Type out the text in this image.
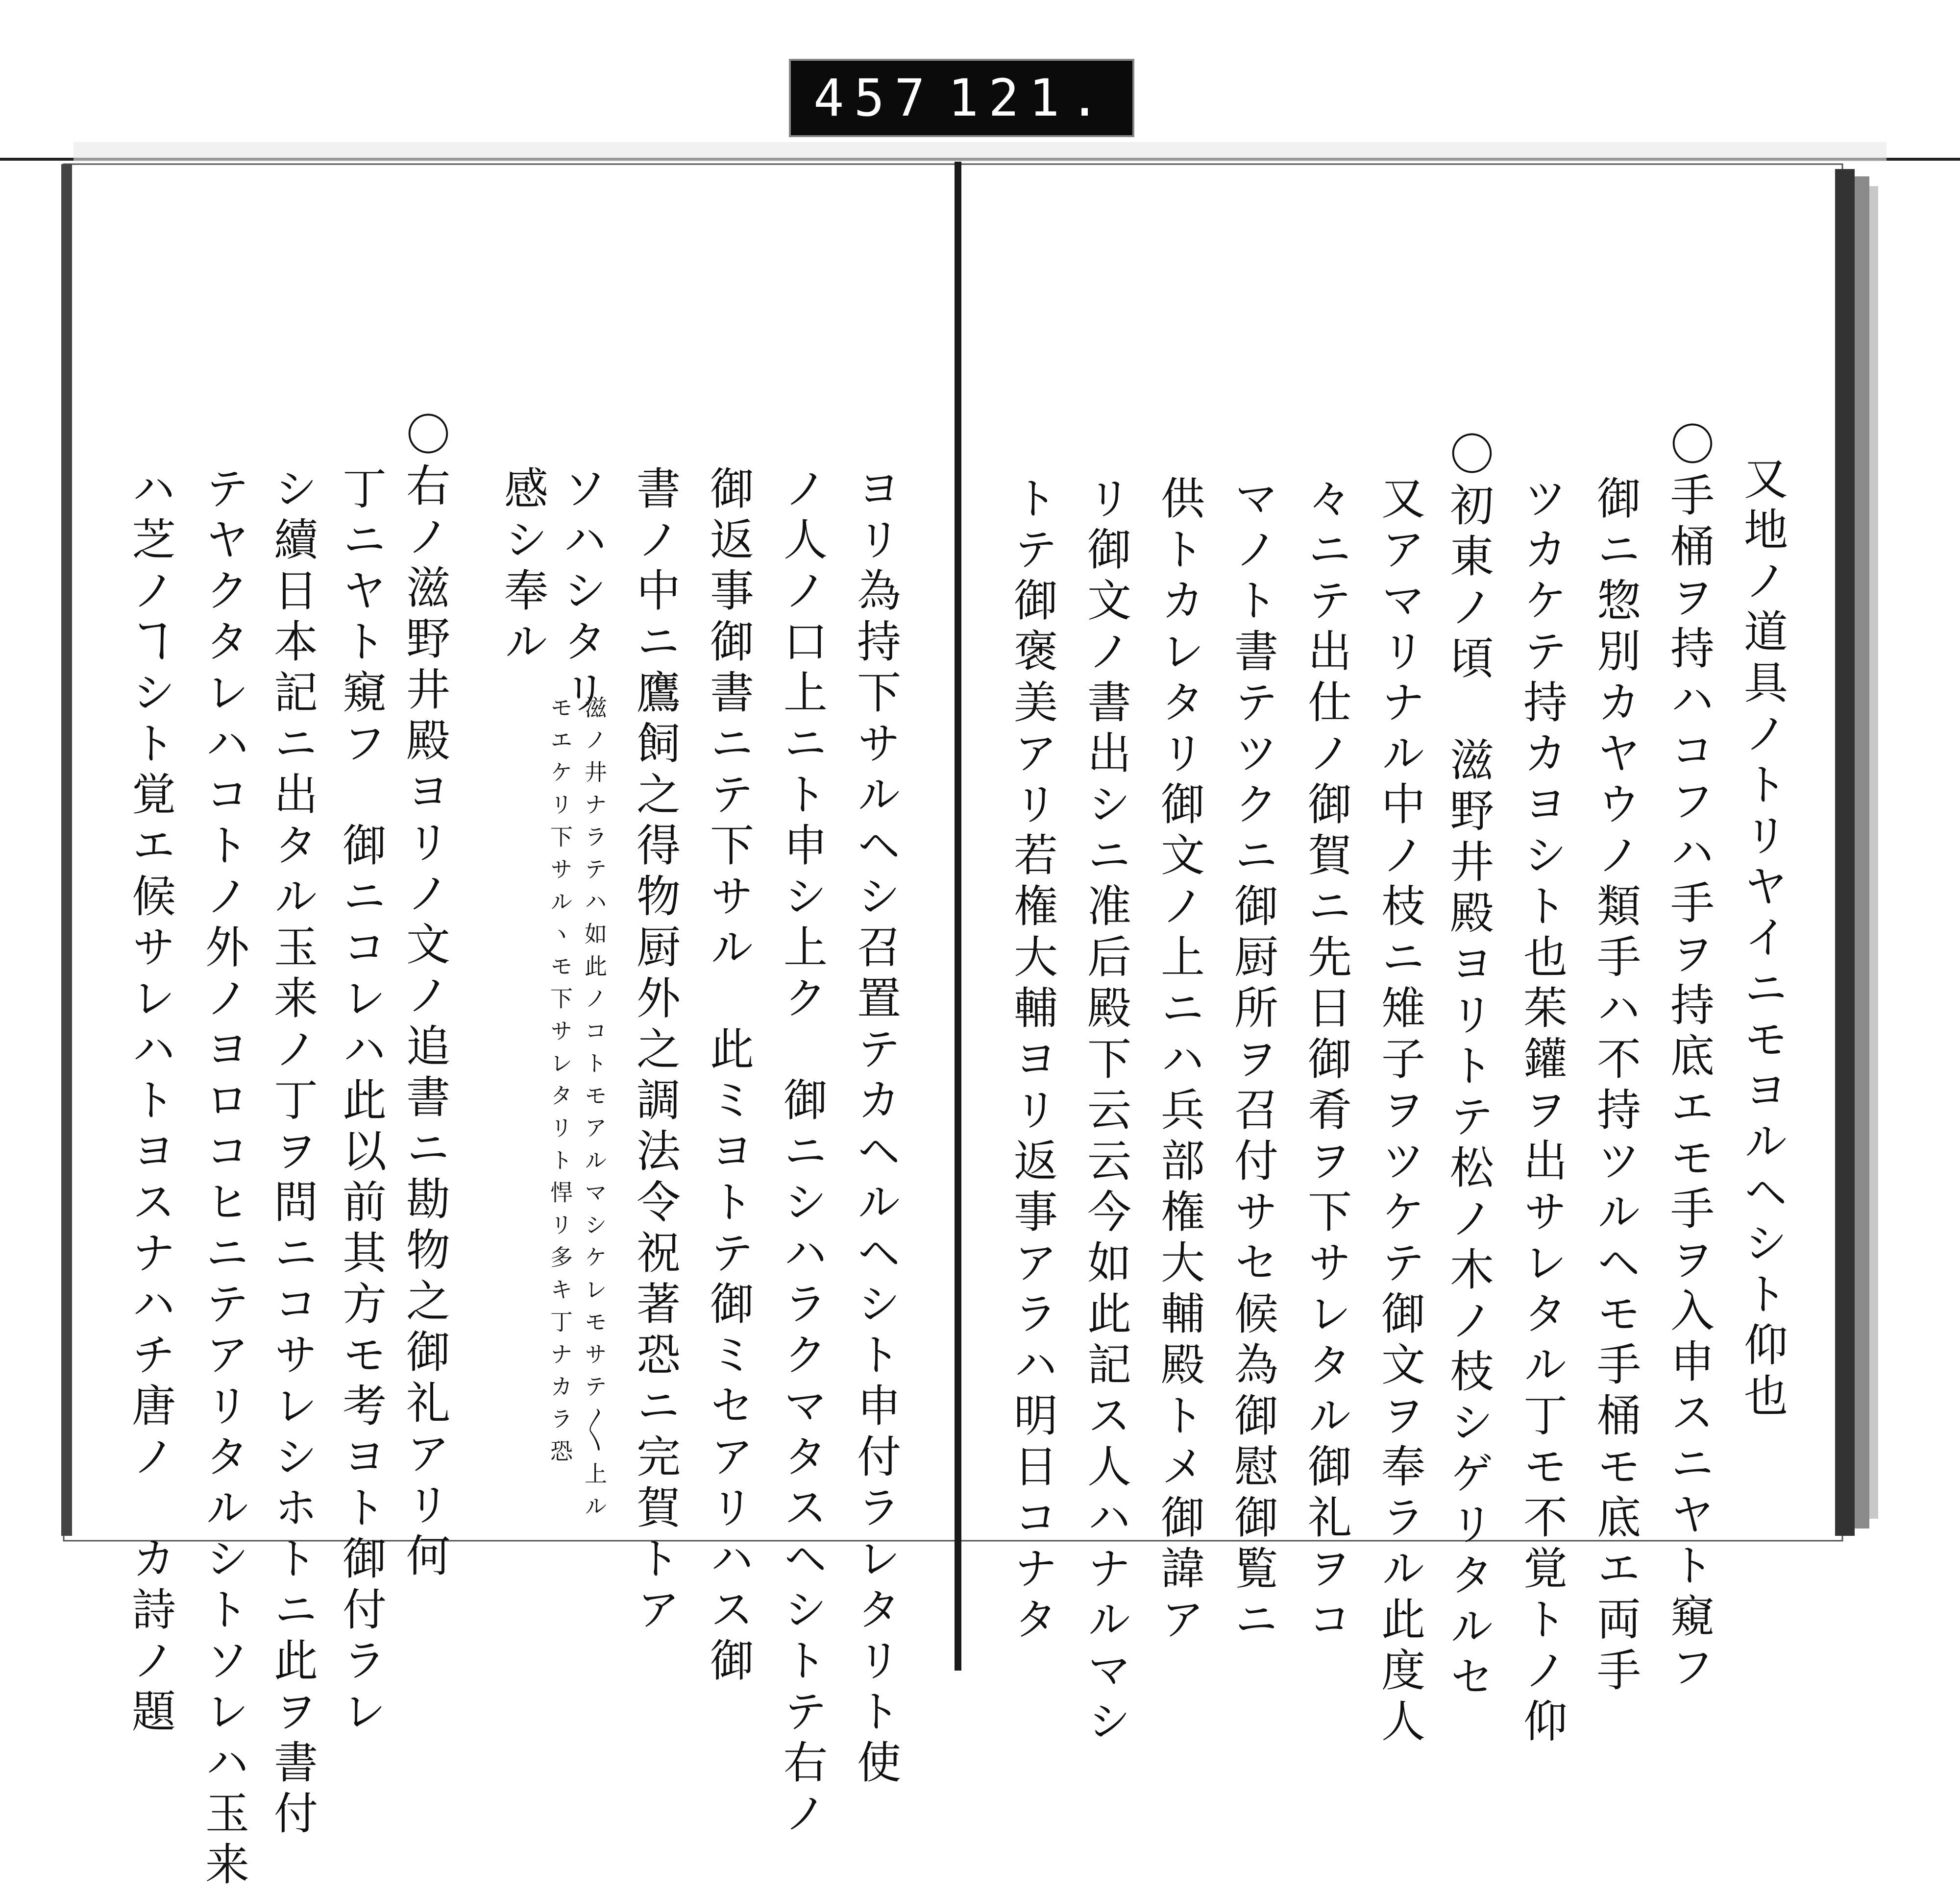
457 121.
又地ノ道具ノトリヤイニモヨルヘシト仰也
〇手桶ヲ持ハコフハ手ヲ持底エモ手ヲ入申スニヤト窺フ
御ニ惣別カヤウノ類手ハ不持ツルヘモ手桶モ底エ両手
ツカケテ持カヨシト也茱鑵ヲ出サレタル丁モ不覚トノ仰
〇初東ノ頃　滋野井殿ヨリトテ松ノ木ノ枝シゲリタルセ
又アマリナル中ノ枝ニ雉子ヲツケテ御文ヲ奉ラル此度人
々ニテ出仕ノ御賀ニ先日御肴ヲ下サレタル御礼ヲコ
マノト書テツクニ御厨所ヲ召付サセ候為御慰御覧ニ
供トカレタリ御文ノ上ニハ兵部権大輔殿トメ御諱ア
リ御文ノ書出シニ准后殿下云云今如此記ス人ハナルマシ
トテ御褒美アリ若権大輔ヨリ返事アラハ明日コナタ
ヨリ為持下サルヘシ召置テカヘルヘシト申付ラレタリト使
ノ人ノ口上ニト申シ上ク　御ニシハラクマタスヘシトテ右ノ
御返事御書ニテ下サル　此ミヨトテ御ミセアリハス御
書ノ中ニ鷹飼之得物厨外之調法令祝著恐ニ完賀トア
滋ノ井ナラテハ如此ノコトモアルマシケレモサテ〳〵上ル
モエケリ下サルヽモ下サレタリト悍リ多キ丁ナカラ恐
ソハシタリ
感シ奉ル
〇右ノ滋野井殿ヨリノ文ノ追書ニ勘物之御礼アリ何
丁ニヤト窺フ　御ニコレハ此以前其方モ考ヨト御付ラレ
シ續日本記ニ出タル玉来ノ丁ヲ問ニコサレシホトニ此ヲ書付
テヤクタレハコトノ外ノヨロコヒニテアリタルシトソレハ玉来
ハ芝ノヿシト覚エ候サレハトヨスナハチ唐ノ　カ詩ノ題
